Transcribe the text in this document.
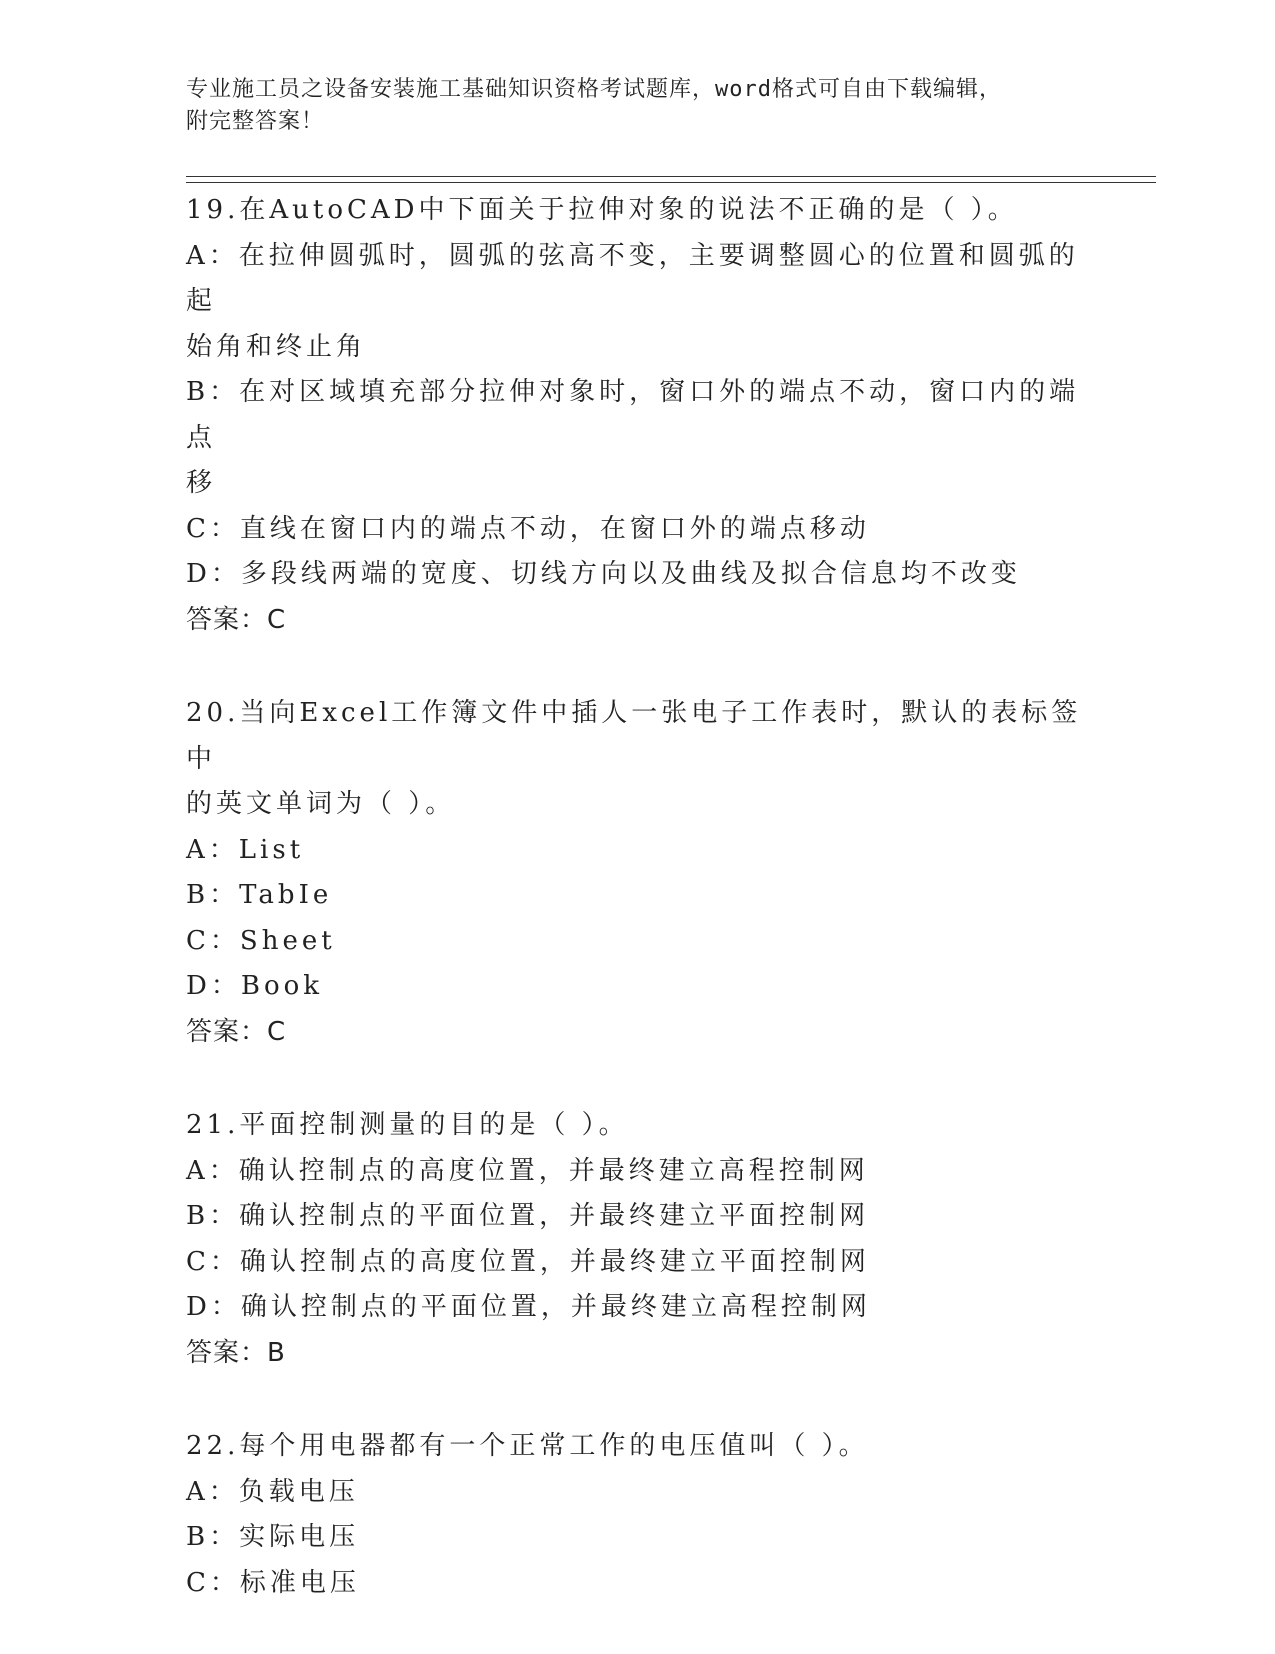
专业施工员之设备安装施工基础知识资格考试题库，word格式可自由下载编辑，
附完整答案！
19.在AutoCAD中下面关于拉伸对象的说法不正确的是（ ）。
A：在拉伸圆弧时，圆弧的弦高不变，主要调整圆心的位置和圆弧的起
始角和终止角
B：在对区域填充部分拉伸对象时，窗口外的端点不动，窗口内的端点
移
C：直线在窗口内的端点不动，在窗口外的端点移动
D：多段线两端的宽度、切线方向以及曲线及拟合信息均不改变
答案：C
20.当向Excel工作簿文件中插人一张电子工作表时，默认的表标签中
的英文单词为（ ）。
A：List
B：TabIe
C：Sheet
D：Book
答案：C
21.平面控制测量的目的是（ ）。
A：确认控制点的高度位置，并最终建立高程控制网
B：确认控制点的平面位置，并最终建立平面控制网
C：确认控制点的高度位置，并最终建立平面控制网
D：确认控制点的平面位置，并最终建立高程控制网
答案：B
22.每个用电器都有一个正常工作的电压值叫（ ）。
A：负载电压
B：实际电压
C：标准电压
